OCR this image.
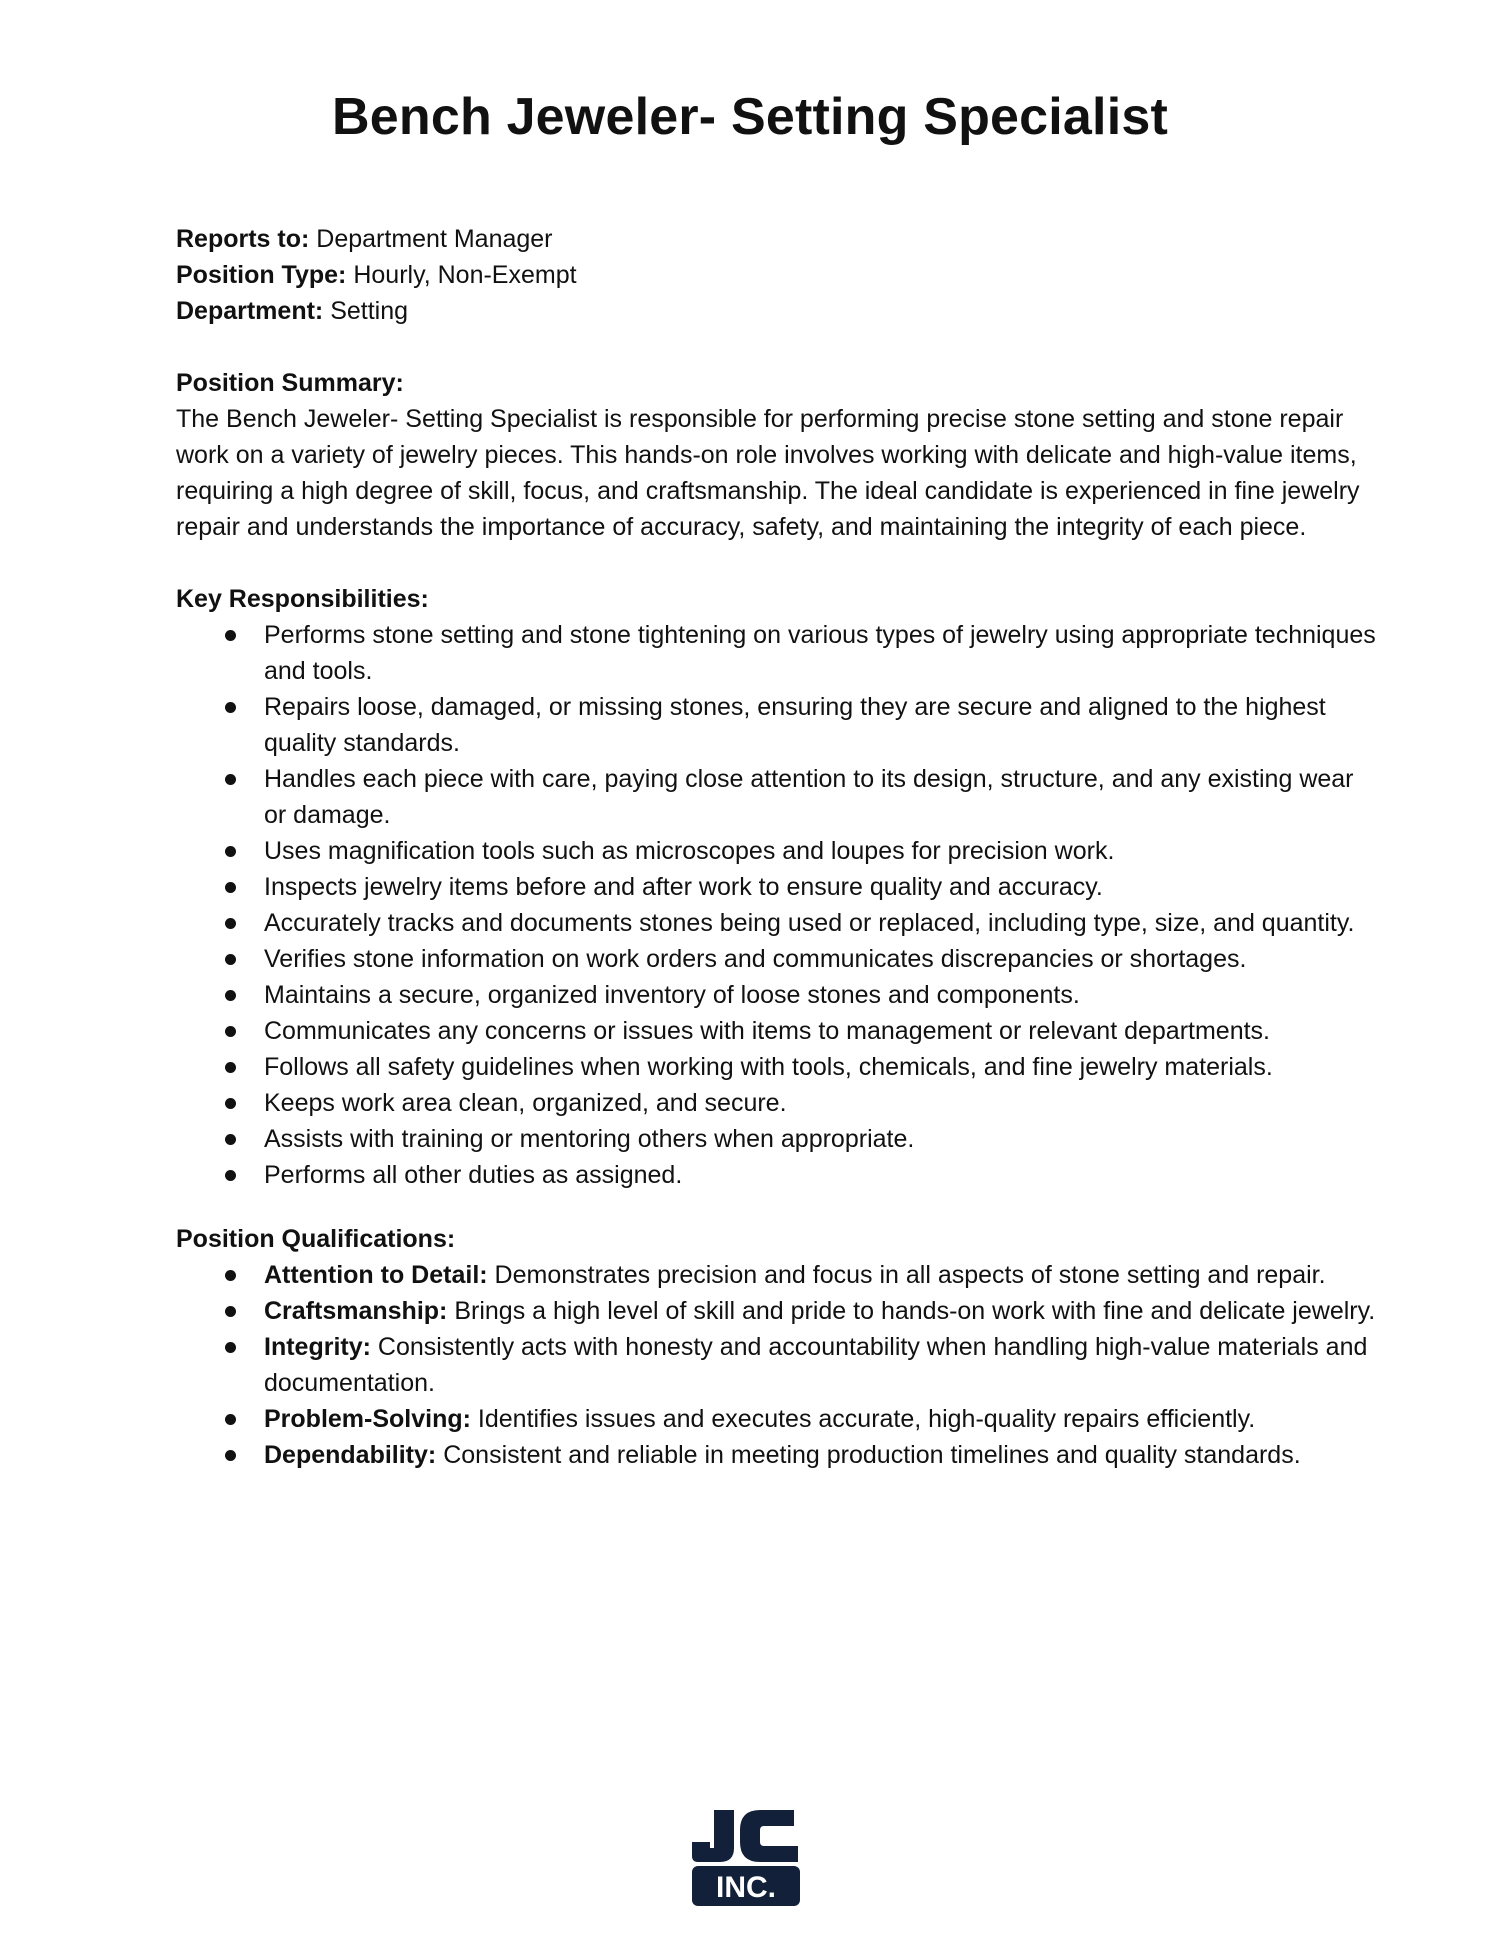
Bench Jeweler- Setting Specialist

Reports to: Department Manager

Position Type: Hourly, Non-Exempt

Department: Setting

Position Summary:

The Bench Jeweler- Setting Specialist is responsible for performing precise stone setting and stone repair work on a variety of jewelry pieces. This hands-on role involves working with delicate and high-value items, requiring a high degree of skill, focus, and craftsmanship. The ideal candidate is experienced in fine jewelry repair and understands the importance of accuracy, safety, and maintaining the integrity of each piece.

Key Responsibilities:

Performs stone setting and stone tightening on various types of jewelry using appropriate techniques and tools.
Repairs loose, damaged, or missing stones, ensuring they are secure and aligned to the highest quality standards.
Handles each piece with care, paying close attention to its design, structure, and any existing wear or damage.
Uses magnification tools such as microscopes and loupes for precision work.
Inspects jewelry items before and after work to ensure quality and accuracy.
Accurately tracks and documents stones being used or replaced, including type, size, and quantity.
Verifies stone information on work orders and communicates discrepancies or shortages.
Maintains a secure, organized inventory of loose stones and components.
Communicates any concerns or issues with items to management or relevant departments.
Follows all safety guidelines when working with tools, chemicals, and fine jewelry materials.
Keeps work area clean, organized, and secure.
Assists with training or mentoring others when appropriate.
Performs all other duties as assigned.

Position Qualifications:

Attention to Detail: Demonstrates precision and focus in all aspects of stone setting and repair.
Craftsmanship: Brings a high level of skill and pride to hands-on work with fine and delicate jewelry.
Integrity: Consistently acts with honesty and accountability when handling high-value materials and documentation.
Problem-Solving: Identifies issues and executes accurate, high-quality repairs efficiently.
Dependability: Consistent and reliable in meeting production timelines and quality standards.
INC.
